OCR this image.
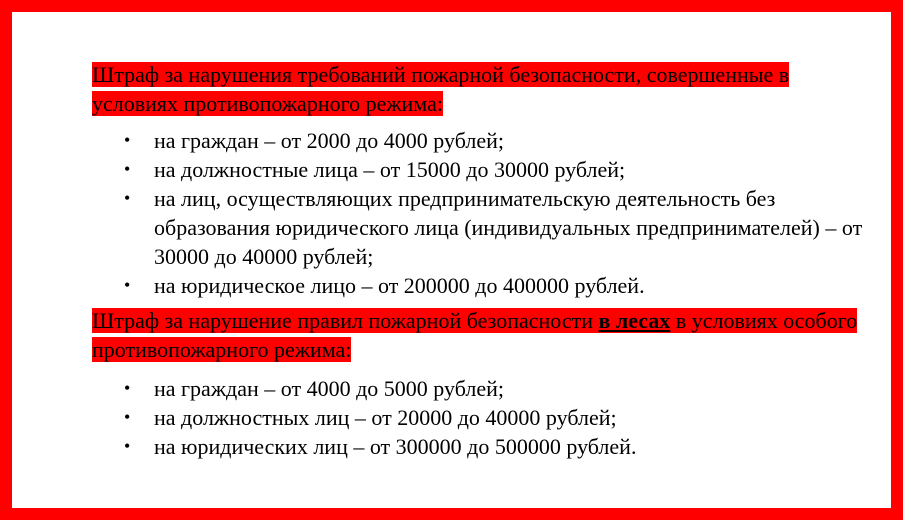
Штраф за нарушения требований пожарной безопасности, совершенные в условиях противопожарного режима:

• на граждан – от 2000 до 4000 рублей;
• на должностные лица – от 15000 до 30000 рублей;
• на лиц, осуществляющих предпринимательскую деятельность без образования юридического лица (индивидуальных предпринимателей) – от 30000 до 40000 рублей;
• на юридическое лицо – от 200000 до 400000 рублей.

Штраф за нарушение правил пожарной безопасности в лесах в условиях особого противопожарного режима:

• на граждан – от 4000 до 5000 рублей;
• на должностных лиц – от 20000 до 40000 рублей;
• на юридических лиц – от 300000 до 500000 рублей.
